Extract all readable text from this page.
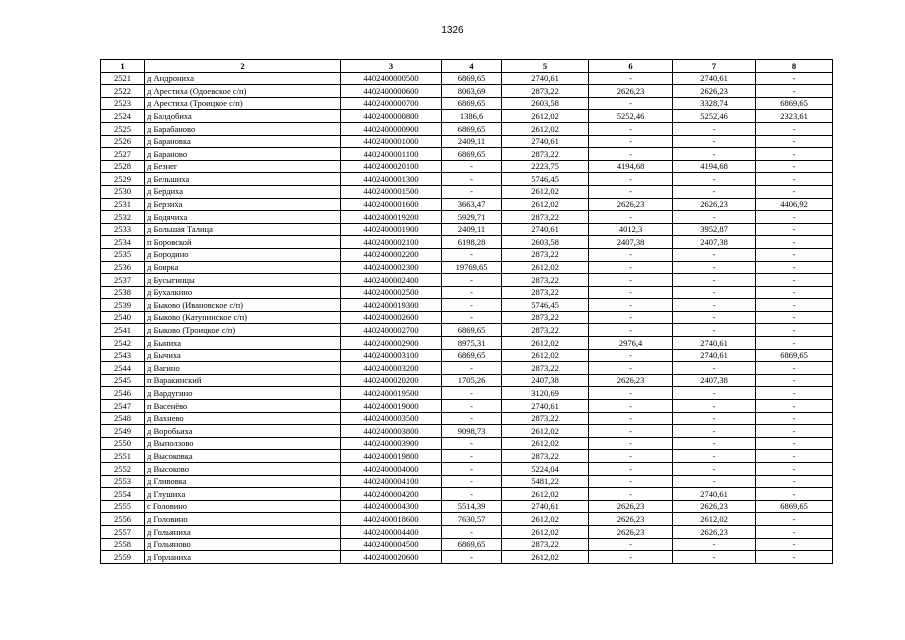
1326
1	2	3	4	5	6	7	8
2521	д Андрониха	4402400000500	6869,65	2740,61	-	2740,61	-
2522	д Арестиха (Одоевское с/п)	4402400000600	8063,69	2873,22	2626,23	2626,23	-
2523	д Арестиха (Троицкое с/п)	4402400000700	6869,65	2603,58	-	3328,74	6869,65
2524	д Балдобиха	4402400000800	1386,6	2612,02	5252,46	5252,46	2323,61
2525	д Барабаново	4402400000900	6869,65	2612,02	-	-	-
2526	д Барановка	4402400001000	2409,11	2740,61	-	-	-
2527	д Бараново	4402400001100	6869,65	2873,22	-	-	-
2528	д Безнег	4402400020100	-	2223,75	4194,68	4194,68	-
2529	д Бельшиха	4402400001300	-	5746,45	-	-	-
2530	д Бердиха	4402400001500	-	2612,02	-	-	-
2531	д Берзиха	4402400001600	3663,47	2612,02	2626,23	2626,23	4406,92
2532	д Бодячиха	4402400019200	5929,71	2873,22	-	-	-
2533	д Большая Талица	4402400001900	2409,11	2740,61	4012,3	3952,87	-
2534	п Боровской	4402400002100	6198,28	2603,58	2407,38	2407,38	-
2535	д Бородино	4402400002200	-	2873,22	-	-	-
2536	д Боярка	4402400002300	19769,65	2612,02	-	-	-
2537	д Бусыгинцы	4402400002400	-	2873,22	-	-	-
2538	д Бухалкино	4402400002500	-	2873,22	-	-	-
2539	д Быково (Ивановское с/п)	4402400019300	-	5746,45	-	-	-
2540	д Быково (Катунинское с/п)	4402400002600	-	2873,22	-	-	-
2541	д Быково (Троицкое с/п)	4402400002700	6869,65	2873,22	-	-	-
2542	д Быниха	4402400002900	8975,31	2612,02	2976,4	2740,61	-
2543	д Бычиха	4402400003100	6869,65	2612,02	-	2740,61	6869,65
2544	д Вагино	4402400003200	-	2873,22	-	-	-
2545	п Варакинский	4402400020200	1705,26	2407,38	2626,23	2407,38	-
2546	д Вардугино	4402400019500	-	3120,69	-	-	-
2547	п Васенёво	4402400019000	-	2740,61	-	-	-
2548	д Вахнево	4402400003500	-	2873,22	-	-	-
2549	д Воробьиха	4402400003800	9098,73	2612,02	-	-	-
2550	д Выползово	4402400003900	-	2612,02	-	-	-
2551	д Высоковка	4402400019800	-	2873,22	-	-	-
2552	д Высоково	4402400004000	-	5224,04	-	-	-
2553	д Гливовка	4402400004100	-	5481,22	-	-	-
2554	д Глушиха	4402400004200	-	2612,02	-	2740,61	-
2555	с Головино	4402400004300	5514,39	2740,61	2626,23	2626,23	6869,65
2556	д Головино	4402400018600	7630,57	2612,02	2626,23	2612,02	-
2557	д Гольяниха	4402400004400	-	2612,02	2626,23	2626,23	-
2558	д Гольяново	4402400004500	6869,65	2873,22	-	-	-
2559	д Горланиха	4402400020600	-	2612,02	-	-	-
